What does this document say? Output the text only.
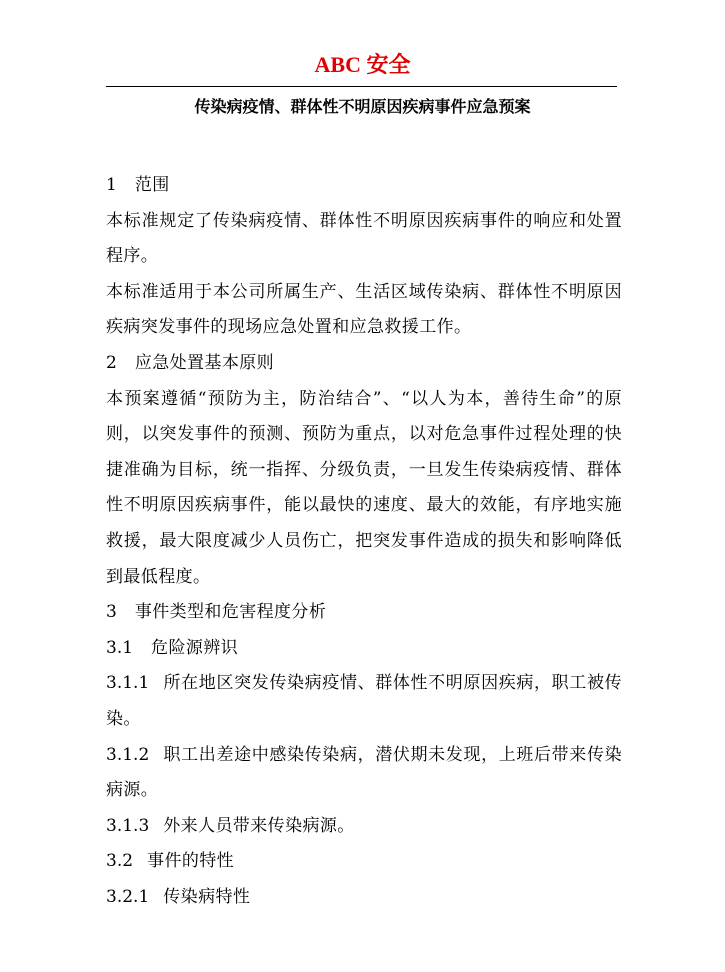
ABC 安全
传染病疫情、群体性不明原因疾病事件应急预案

1 范围

本标准规定了传染病疫情、群体性不明原因疾病事件的响应和处置程序。

本标准适用于本公司所属生产、生活区域传染病、群体性不明原因疾病突发事件的现场应急处置和应急救援工作。

2 应急处置基本原则

本预案遵循“预防为主，防治结合”、“以人为本，善待生命”的原则，以突发事件的预测、预防为重点，以对危急事件过程处理的快捷准确为目标，统一指挥、分级负责，一旦发生传染病疫情、群体性不明原因疾病事件，能以最快的速度、最大的效能，有序地实施救援，最大限度减少人员伤亡，把突发事件造成的损失和影响降低到最低程度。

3 事件类型和危害程度分析

3.1 危险源辨识

3.1.1 所在地区突发传染病疫情、群体性不明原因疾病，职工被传染。

3.1.2 职工出差途中感染传染病，潜伏期未发现，上班后带来传染病源。

3.1.3 外来人员带来传染病源。

3.2 事件的特性

3.2.1 传染病特性
